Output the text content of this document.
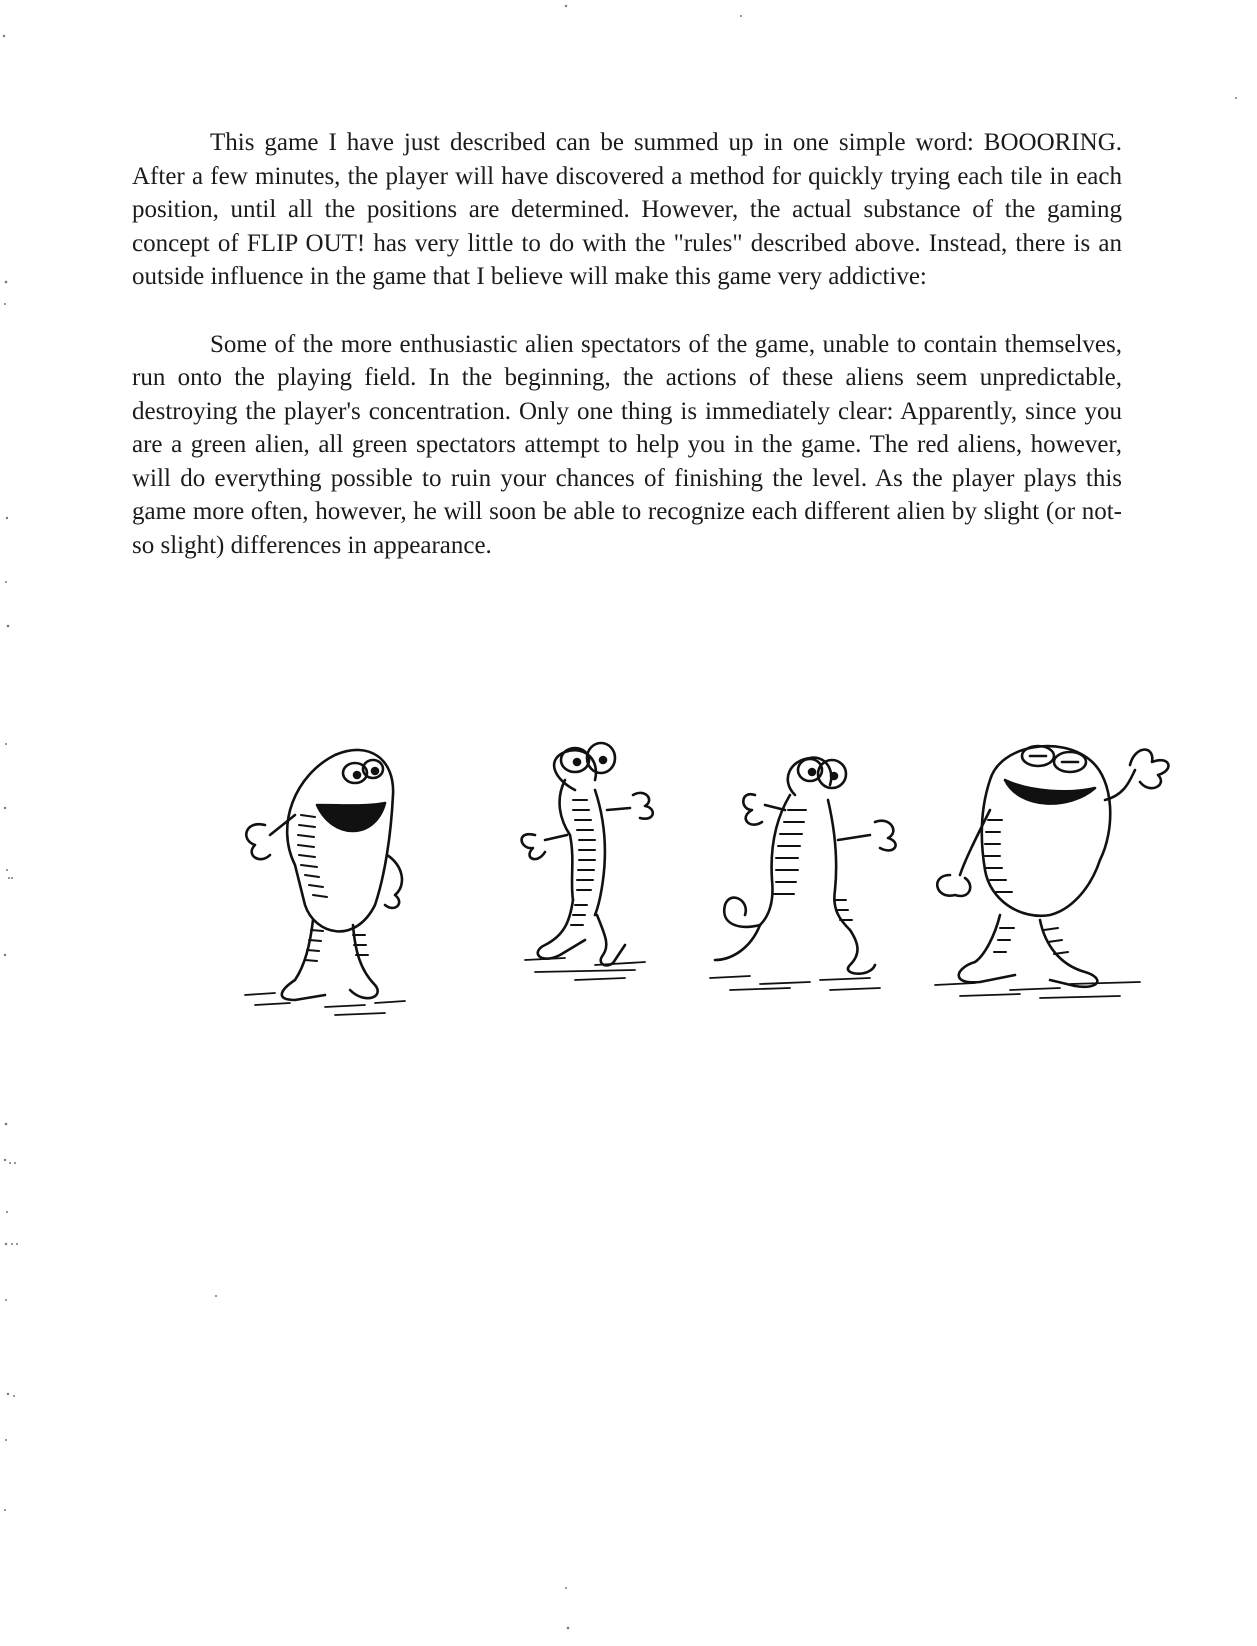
This game I have just described can be summed up in one simple word: BOOORING. After a few minutes, the player will have discovered a method for quickly trying each tile in each position, until all the positions are determined. However, the actual substance of the gaming concept of FLIP OUT! has very little to do with the "rules" described above. Instead, there is an outside influence in the game that I believe will make this game very addictive:

Some of the more enthusiastic alien spectators of the game, unable to contain themselves, run onto the playing field. In the beginning, the actions of these aliens seem unpredictable, destroying the player's concentration. Only one thing is immediately clear: Apparently, since you are a green alien, all green spectators attempt to help you in the game. The red aliens, however, will do everything possible to ruin your chances of finishing the level. As the player plays this game more often, however, he will soon be able to recognize each different alien by slight (or not-so slight) differences in appearance.
